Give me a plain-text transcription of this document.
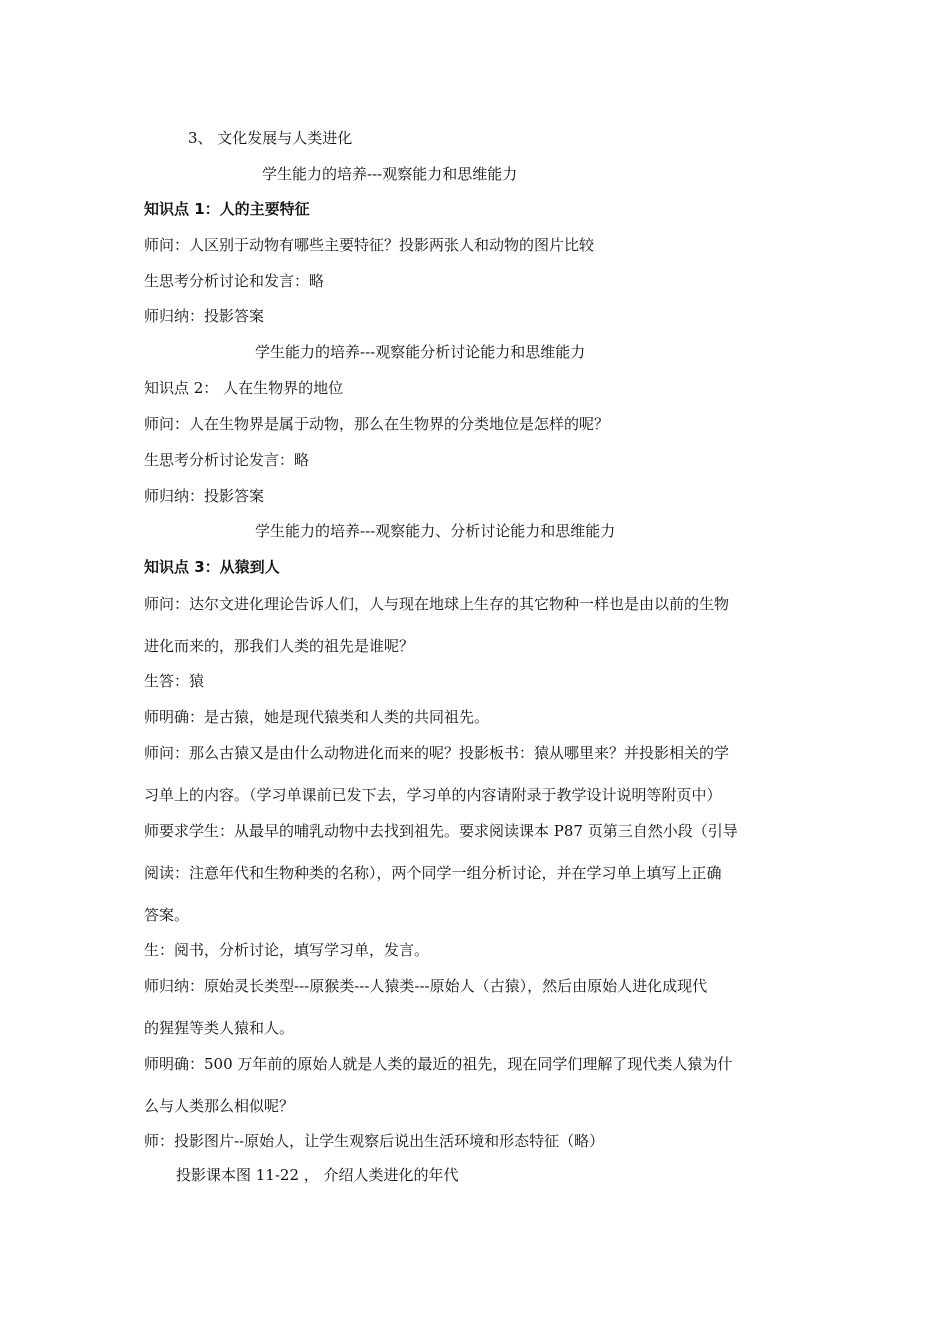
3、 文化发展与人类进化
学生能力的培养---观察能力和思维能力
知识点 1：人的主要特征
师问：人区别于动物有哪些主要特征？投影两张人和动物的图片比较
生思考分析讨论和发言：略
师归纳：投影答案
学生能力的培养---观察能分析讨论能力和思维能力
知识点 2： 人在生物界的地位
师问：人在生物界是属于动物，那么在生物界的分类地位是怎样的呢？
生思考分析讨论发言：略
师归纳：投影答案
学生能力的培养---观察能力、分析讨论能力和思维能力
知识点 3：从猿到人
师问：达尔文进化理论告诉人们，人与现在地球上生存的其它物种一样也是由以前的生物
进化而来的，那我们人类的祖先是谁呢？
生答：猿
师明确：是古猿，她是现代猿类和人类的共同祖先。
师问：那么古猿又是由什么动物进化而来的呢？投影板书：猿从哪里来？并投影相关的学
习单上的内容。（学习单课前已发下去，学习单的内容请附录于教学设计说明等附页中）
师要求学生：从最早的哺乳动物中去找到祖先。要求阅读课本 P87 页第三自然小段（引导
阅读：注意年代和生物种类的名称），两个同学一组分析讨论，并在学习单上填写上正确
答案。
生：阅书，分析讨论，填写学习单，发言。
师归纳：原始灵长类型---原猴类---人猿类---原始人（古猿），然后由原始人进化成现代
的猩猩等类人猿和人。
师明确：500 万年前的原始人就是人类的最近的祖先，现在同学们理解了现代类人猿为什
么与人类那么相似呢？
师：投影图片--原始人，让学生观察后说出生活环境和形态特征（略）
投影课本图 11-22 ， 介绍人类进化的年代
